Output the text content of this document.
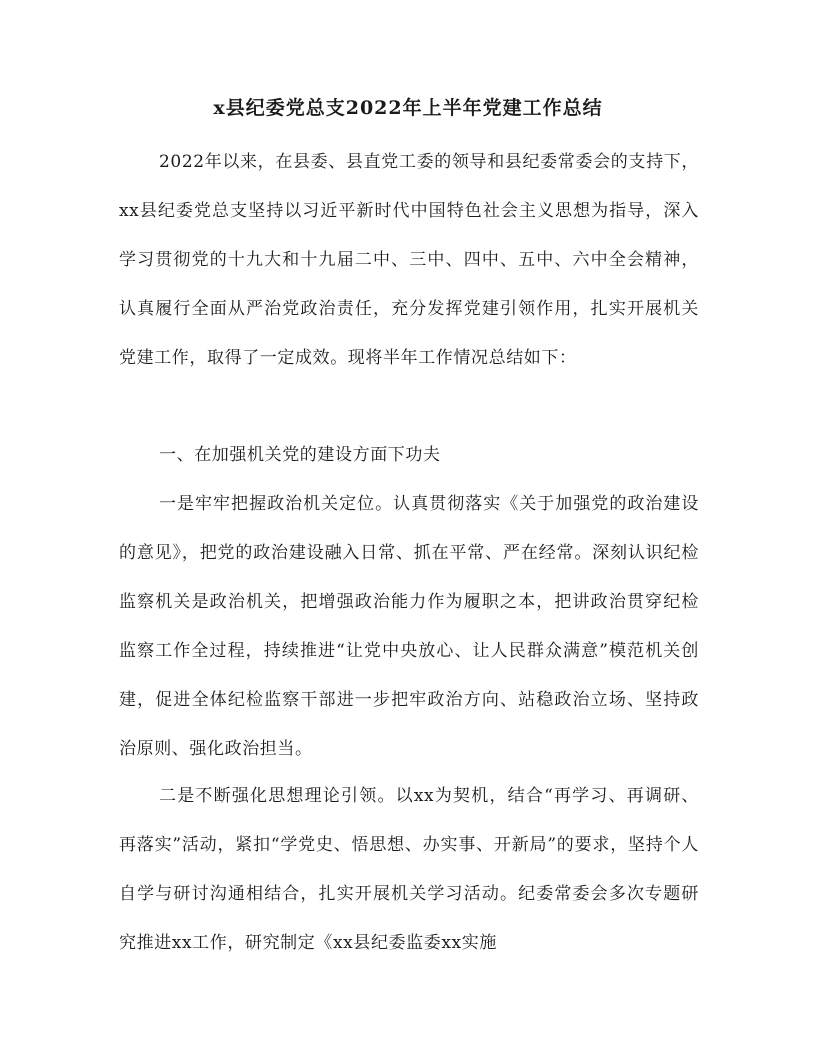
x县纪委党总支2022年上半年党建工作总结

2022年以来，在县委、县直党工委的领导和县纪委常委会的支持下，xx县纪委党总支坚持以习近平新时代中国特色社会主义思想为指导，深入学习贯彻党的十九大和十九届二中、三中、四中、五中、六中全会精神，认真履行全面从严治党政治责任，充分发挥党建引领作用，扎实开展机关党建工作，取得了一定成效。现将半年工作情况总结如下：

一、在加强机关党的建设方面下功夫

一是牢牢把握政治机关定位。认真贯彻落实《关于加强党的政治建设的意见》，把党的政治建设融入日常、抓在平常、严在经常。深刻认识纪检监察机关是政治机关，把增强政治能力作为履职之本，把讲政治贯穿纪检监察工作全过程，持续推进“让党中央放心、让人民群众满意”模范机关创建，促进全体纪检监察干部进一步把牢政治方向、站稳政治立场、坚持政治原则、强化政治担当。

二是不断强化思想理论引领。以xx为契机，结合“再学习、再调研、再落实”活动，紧扣“学党史、悟思想、办实事、开新局”的要求，坚持个人自学与研讨沟通相结合，扎实开展机关学习活动。纪委常委会多次专题研究推进xx工作，研究制定《xx县纪委监委xx实施
